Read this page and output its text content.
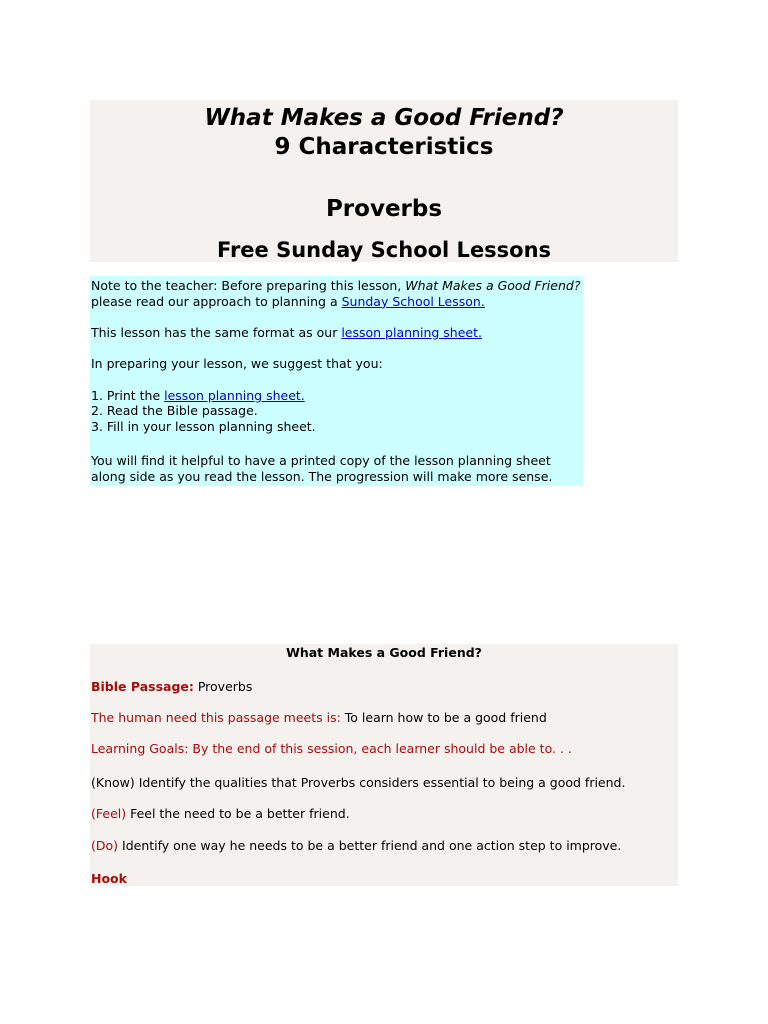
What Makes a Good Friend?
9 Characteristics
Proverbs
Free Sunday School Lessons

Note to the teacher: Before preparing this lesson, What Makes a Good Friend? please read our approach to planning a Sunday School Lesson.

This lesson has the same format as our lesson planning sheet.

In preparing your lesson, we suggest that you:

1. Print the lesson planning sheet.

2. Read the Bible passage.

3. Fill in your lesson planning sheet.

You will find it helpful to have a printed copy of the lesson planning sheet along side as you read the lesson. The progression will make more sense.

What Makes a Good Friend?
Bible Passage: Proverbs
The human need this passage meets is: To learn how to be a good friend
Learning Goals: By the end of this session, each learner should be able to. . .
(Know) Identify the qualities that Proverbs considers essential to being a good friend.
(Feel) Feel the need to be a better friend.
(Do) Identify one way he needs to be a better friend and one action step to improve.
Hook
